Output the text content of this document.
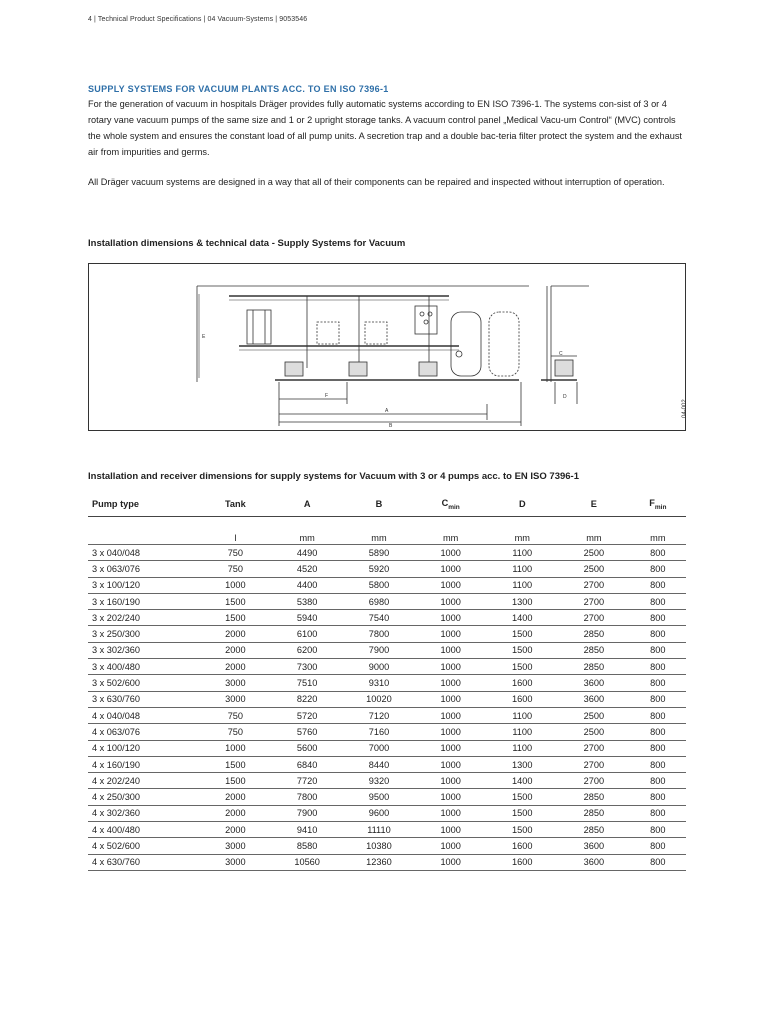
4 | Technical Product Specifications | 04 Vacuum-Systems | 9053546
SUPPLY SYSTEMS FOR VACUUM PLANTS ACC. TO EN ISO 7396-1
For the generation of vacuum in hospitals Dräger provides fully automatic systems according to EN ISO 7396-1. The systems con-sist of 3 or 4 rotary vane vacuum pumps of the same size and 1 or 2 upright storage tanks. A vacuum control panel „Medical Vacu-um Control“ (MVC) controls the whole system and ensures the constant load of all pump units. A secretion trap and a double bac-teria filter protect the system and the exhaust air from impurities and germs.
All Dräger vacuum systems are designed in a way that all of their components can be repaired and inspected without interruption of operation.
Installation dimensions & technical data - Supply Systems for Vacuum
F
A
B
C
D
E
04-002
Installation and receiver dimensions for supply systems for Vacuum with 3 or 4 pumps acc. to EN ISO 7396-1
Pump type	Tank	A	B	$C_{min}$	D	E	$F_{min}$
	l	mm	mm	mm	mm	mm	mm
3 x 040/048	750	4490	5890	1000	1100	2500	800
3 x 063/076	750	4520	5920	1000	1100	2500	800
3 x 100/120	1000	4400	5800	1000	1100	2700	800
3 x 160/190	1500	5380	6980	1000	1300	2700	800
3 x 202/240	1500	5940	7540	1000	1400	2700	800
3 x 250/300	2000	6100	7800	1000	1500	2850	800
3 x 302/360	2000	6200	7900	1000	1500	2850	800
3 x 400/480	2000	7300	9000	1000	1500	2850	800
3 x 502/600	3000	7510	9310	1000	1600	3600	800
3 x 630/760	3000	8220	10020	1000	1600	3600	800
4 x 040/048	750	5720	7120	1000	1100	2500	800
4 x 063/076	750	5760	7160	1000	1100	2500	800
4 x 100/120	1000	5600	7000	1000	1100	2700	800
4 x 160/190	1500	6840	8440	1000	1300	2700	800
4 x 202/240	1500	7720	9320	1000	1400	2700	800
4 x 250/300	2000	7800	9500	1000	1500	2850	800
4 x 302/360	2000	7900	9600	1000	1500	2850	800
4 x 400/480	2000	9410	11110	1000	1500	2850	800
4 x 502/600	3000	8580	10380	1000	1600	3600	800
4 x 630/760	3000	10560	12360	1000	1600	3600	800
